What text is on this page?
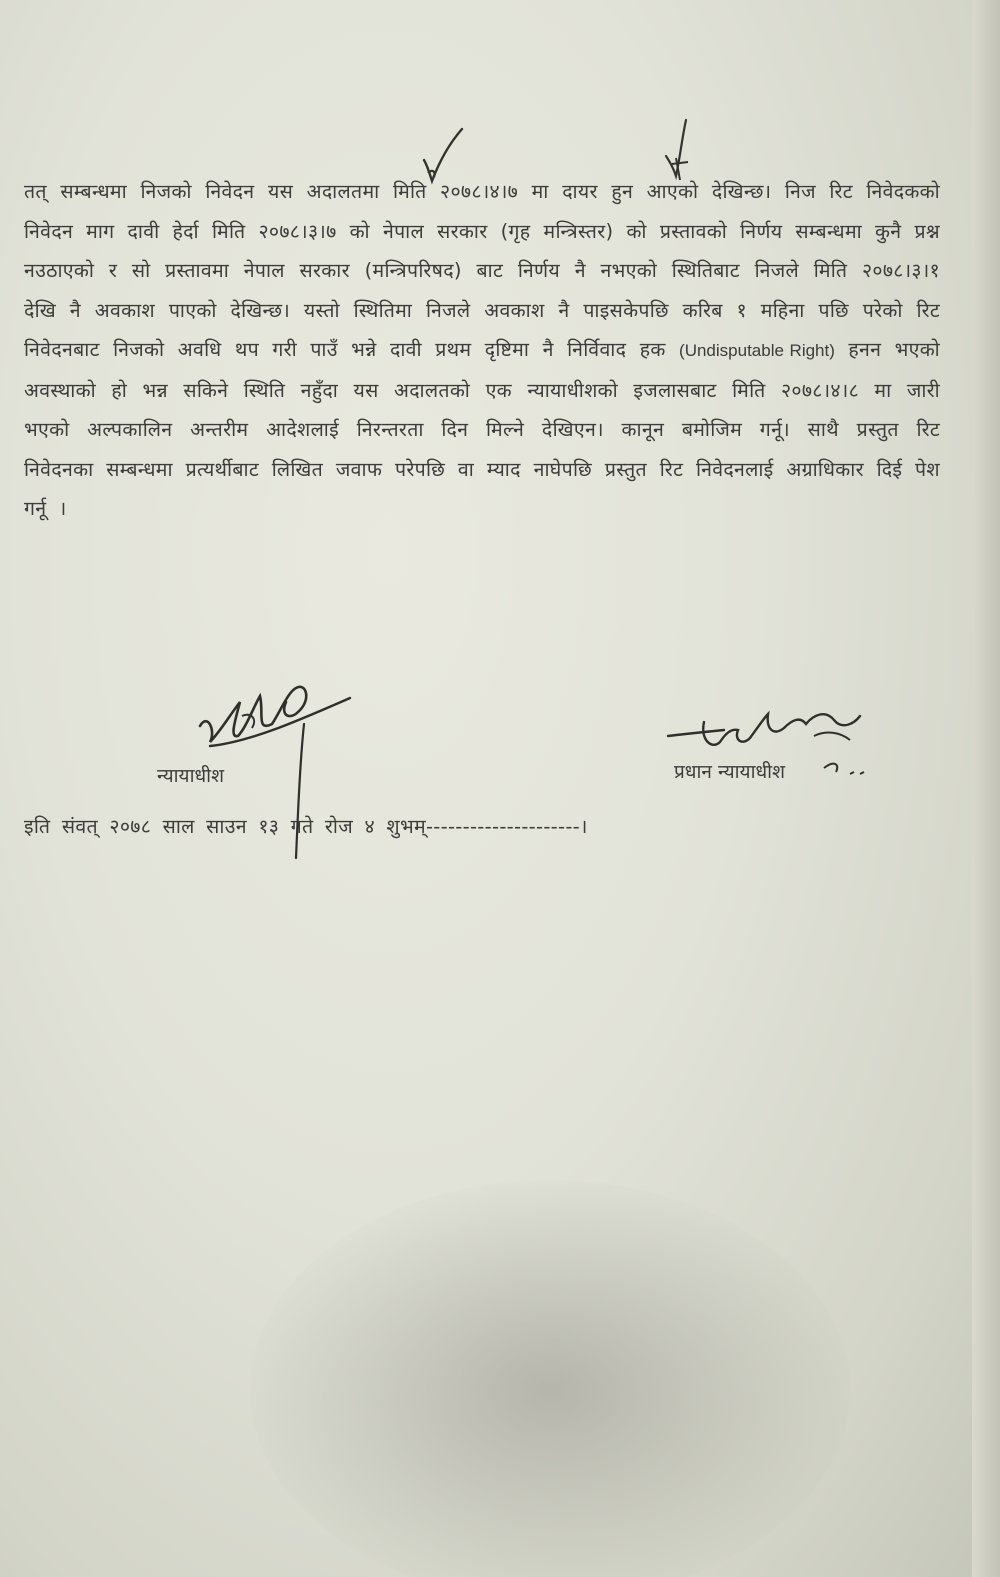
तत् सम्बन्धमा निजको निवेदन यस अदालतमा मिति २०७८।४।७ मा दायर हुन आएको देखिन्छ। निज रिट निवेदकको निवेदन माग दावी हेर्दा मिति २०७८।३।७ को नेपाल सरकार (गृह मन्त्रिस्तर) को प्रस्तावको निर्णय सम्बन्धमा कुनै प्रश्न नउठाएको र सो प्रस्तावमा नेपाल सरकार (मन्त्रिपरिषद) बाट निर्णय नै नभएको स्थितिबाट निजले मिति २०७८।३।१ देखि नै अवकाश पाएको देखिन्छ। यस्तो स्थितिमा निजले अवकाश नै पाइसकेपछि करिब १ महिना पछि परेको रिट निवेदनबाट निजको अवधि थप गरी पाउँ भन्ने दावी प्रथम दृष्टिमा नै निर्विवाद हक (Undisputable Right) हनन भएको अवस्थाको हो भन्न सकिने स्थिति नहुँदा यस अदालतको एक न्यायाधीशको इजलासबाट मिति २०७८।४।८ मा जारी भएको अल्पकालिन अन्तरीम आदेशलाई निरन्तरता दिन मिल्ने देखिएन। कानून बमोजिम गर्नू। साथै प्रस्तुत रिट निवेदनका सम्बन्धमा प्रत्यर्थीबाट लिखित जवाफ परेपछि वा म्याद नाघेपछि प्रस्तुत रिट निवेदनलाई अग्राधिकार दिई पेश गर्नू ।

न्यायाधीश	प्रधान न्यायाधीश
इति संवत् २०७८ साल साउन १३ गते रोज ४ शुभम्---------------------।
